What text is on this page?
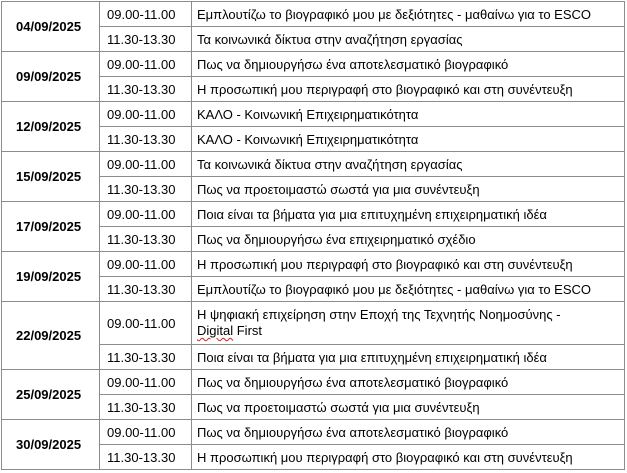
04/09/2025	09.00-11.00	Εμπλουτίζω το βιογραφικό μου με δεξιότητες - μαθαίνω για το ESCO
	11.30-13.30	Τα κοινωνικά δίκτυα στην αναζήτηση εργασίας
09/09/2025	09.00-11.00	Πως να δημιουργήσω ένα αποτελεσματικό βιογραφικό
	11.30-13.30	Η προσωπική μου περιγραφή στο βιογραφικό και στη συνέντευξη
12/09/2025	09.00-11.00	ΚΑΛΟ - Κοινωνική Επιχειρηματικότητα
	11.30-13.30	ΚΑΛΟ - Κοινωνική Επιχειρηματικότητα
15/09/2025	09.00-11.00	Τα κοινωνικά δίκτυα στην αναζήτηση εργασίας
	11.30-13.30	Πως να προετοιμαστώ σωστά για μια συνέντευξη
17/09/2025	09.00-11.00	Ποια είναι τα βήματα για μια επιτυχημένη επιχειρηματική ιδέα
	11.30-13.30	Πως να δημιουργήσω ένα επιχειρηματικό σχέδιο
19/09/2025	09.00-11.00	Η προσωπική μου περιγραφή στο βιογραφικό και στη συνέντευξη
	11.30-13.30	Εμπλουτίζω το βιογραφικό μου με δεξιότητες - μαθαίνω για το ESCO
22/09/2025	09.00-11.00	Η ψηφιακή επιχείρηση στην Εποχή της Τεχνητής Νοημοσύνης -
Digital First
	11.30-13.30	Ποια είναι τα βήματα για μια επιτυχημένη επιχειρηματική ιδέα
25/09/2025	09.00-11.00	Πως να δημιουργήσω ένα αποτελεσματικό βιογραφικό
	11.30-13.30	Πως να προετοιμαστώ σωστά για μια συνέντευξη
30/09/2025	09.00-11.00	Πως να δημιουργήσω ένα αποτελεσματικό βιογραφικό
	11.30-13.30	Η προσωπική μου περιγραφή στο βιογραφικό και στη συνέντευξη
